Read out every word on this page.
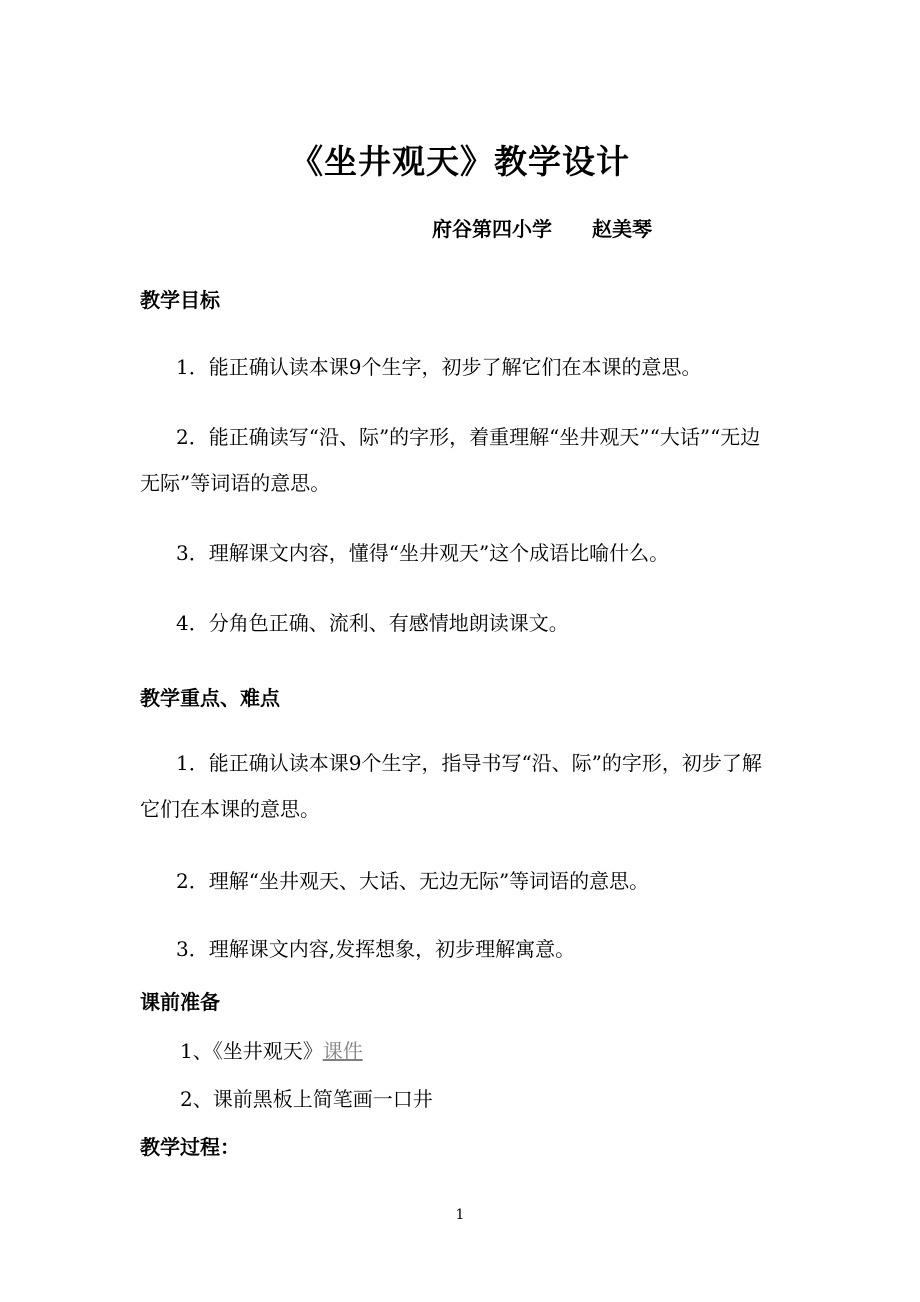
《坐井观天》教学设计
府谷第四小学 赵美琴
教学目标
1．能正确认读本课9个生字，初步了解它们在本课的意思。
2．能正确读写“沿、际”的字形，着重理解“坐井观天”“大话”“无边无际”等词语的意思。
3．理解课文内容，懂得“坐井观天”这个成语比喻什么。
4．分角色正确、流利、有感情地朗读课文。
教学重点、难点
1．能正确认读本课9个生字，指导书写“沿、际”的字形，初步了解它们在本课的意思。
2．理解“坐井观天、大话、无边无际”等词语的意思。
3．理解课文内容,发挥想象，初步理解寓意。
课前准备
1、《坐井观天》课件
2、课前黑板上简笔画一口井
教学过程：
1
